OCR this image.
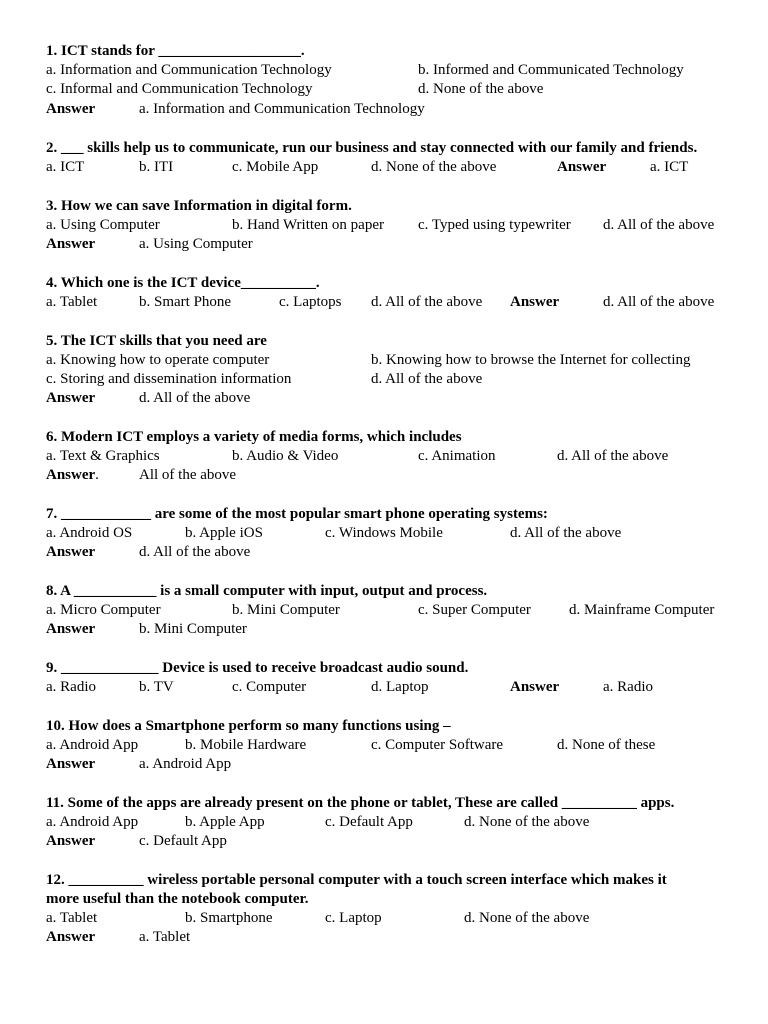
1. ICT stands for ___________________.
a. Information and Communication Technology	b. Informed and Communicated Technology
c. Informal and Communication Technology	d. None of the above
Answer	a. Information and Communication Technology
2. ___ skills help us to communicate, run our business and stay connected with our family and friends.
a. ICT	b. ITI	c. Mobile App	d. None of the above	Answer	a. ICT
3. How we can save Information in digital form.
a. Using Computer	b. Hand Written on paper c. Typed using typewriter d. All of the above
Answer	a. Using Computer
4. Which one is the ICT device__________.
a. Tablet	b. Smart Phone	c. Laptops d. All of the above Answer	d. All of the above
5. The ICT skills that you need are
a. Knowing how to operate computer	b. Knowing how to browse the Internet for collecting
c. Storing and dissemination information	d. All of the above
Answer	d. All of the above
6. Modern ICT employs a variety of media forms, which includes
a. Text & Graphics	b. Audio & Video	c. Animation	d. All of the above
Answer.	All of the above
7. ____________ are some of the most popular smart phone operating systems:
a. Android OS	b. Apple iOS	c. Windows Mobile	d. All of the above
Answer	d. All of the above
8. A ___________ is a small computer with input, output and process.
a. Micro Computer	b. Mini Computer	c. Super Computer	d. Mainframe Computer
Answer	b. Mini Computer
9. _____________ Device is used to receive broadcast audio sound.
a. Radio	b. TV	c. Computer	d. Laptop	Answer	a. Radio
10. How does a Smartphone perform so many functions using –
a. Android App	b. Mobile Hardware	c. Computer Software	d. None of these
Answer	a. Android App
11. Some of the apps are already present on the phone or tablet, These are called __________ apps.
a. Android App	b. Apple App	c. Default App	d. None of the above
Answer	c. Default App
12. __________ wireless portable personal computer with a touch screen interface which makes it
more useful than the notebook computer.
a. Tablet	b. Smartphone	c. Laptop	d. None of the above
Answer	a. Tablet
